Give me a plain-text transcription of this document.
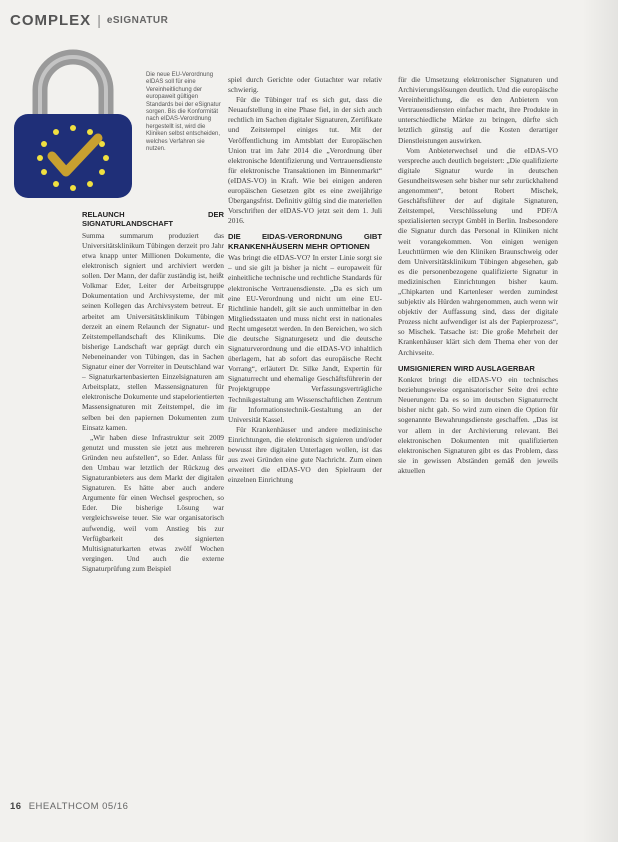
COMPLEX | eSIGNATUR

Die neue EU-Verordnung eIDAS soll für eine Vereinheitlichung der europaweit gültigen Standards bei der eSignatur sorgen. Bis die Konformität nach eIDAS-Verordnung hergestellt ist, wird die Kliniken selbst entscheiden, welches Verfahren sie nutzen.

RELAUNCH DER SIGNATURLANDSCHAFT

Summa summarum produziert das Universitätsklinikum Tübingen derzeit pro Jahr etwa knapp unter Millionen Dokumente, die elektronisch signiert und archiviert werden sollen. Der Mann, der dafür zuständig ist, heißt Volkmar Eder, Leiter der Arbeitsgruppe Dokumentation und Archivsysteme, der mit seinen Kollegen das Archivsystem betreut. Er arbeitet am Universitätsklinikum Tübingen derzeit an einem Relaunch der Signatur- und Zeitstempellandschaft des Klinikums. Die bisherige Landschaft war geprägt durch ein Nebeneinander von Tübingen, das in Sachen Signatur einer der Vorreiter in Deutschland war – Signaturkartenbasierten Einzelsignaturen am Arbeitsplatz, stellen Massensignaturen für elektronische Dokumente und stapelorientierten Massensignaturen mit Zeitstempel, die im selben bei den papiernen Dokumenten zum Einsatz kamen.

„Wir haben diese Infrastruktur seit 2009 genutzt und mussten sie jetzt aus mehreren Gründen neu aufstellen“, so Eder. Anlass für den Umbau war letztlich der Rückzug des Signaturanbieters aus dem Markt der digitalen Signaturen. Es hätte aber auch andere Argumente für einen Wechsel gesprochen, so Eder. Die bisherige Lösung war vergleichsweise teuer. Sie war organisatorisch aufwendig, weil vom Anstieg bis zur Verfügbarkeit des signierten Multisignaturkarten etwas zwölf Wochen vergingen. Und auch die externe Signaturprüfung zum Beispiel

spiel durch Gerichte oder Gutachter war relativ schwierig.

Für die Tübinger traf es sich gut, dass die Neuaufstellung in eine Phase fiel, in der sich auch rechtlich im Sachen digitaler Signaturen, Zertifikate und Zeitstempel einiges tut. Mit der Veröffentlichung im Amtsblatt der Europäischen Union trat im Jahr 2014 die „Verordnung über elektronische Identifizierung und Vertrauensdienste für elektronische Transaktionen im Binnenmarkt“ (eIDAS-VO) in Kraft. Wie bei einigen anderen europäischen Gesetzen gibt es eine zweijährige Übergangsfrist. Definitiv gültig sind die materiellen Vorschriften der eIDAS-VO jetzt seit dem 1. Juli 2016.

DIE EIDAS-VERORDNUNG GIBT KRANKENHÄUSERN MEHR OPTIONEN

Was bringt die eIDAS-VO? In erster Linie sorgt sie – und sie gilt ja bisher ja nicht – europaweit für einheitliche technische und rechtliche Standards für elektronische Vertrauensdienste. „Da es sich um eine EU-Verordnung und nicht um eine EU-Richtlinie handelt, gilt sie auch unmittelbar in den Mitgliedsstaaten und muss nicht erst in nationales Recht umgesetzt werden. In den Bereichen, wo sich die deutsche Signaturgesetz und die deutsche Signaturverordnung und die eIDAS-VO inhaltlich überlagern, hat ab sofort das europäische Recht Vorrang“, erläutert Dr. Silke Jandt, Expertin für Signaturrecht und ehemalige Geschäftsführerin der Projektgruppe Verfassungsverträgliche Technikgestaltung am Wissenschaftlichen Zentrum für Informationstechnik-Gestaltung an der Universität Kassel.

Für Krankenhäuser und andere medizinische Einrichtungen, die elektronisch signieren und/oder bewusst ihre digitalen Unterlagen wollen, ist das aus zwei Gründen eine gute Nachricht. Zum einen erweitert die eIDAS-VO den Spielraum der einzelnen Einrichtung

für die Umsetzung elektronischer Signaturen und Archivierungslösungen deutlich. Und die europäische Vereinheitlichung, die es den Anbietern von Vertrauensdiensten einfacher macht, ihre Produkte in unterschiedliche Märkte zu bringen, dürfte sich letztlich günstig auf die Kosten derartiger Dienstleistungen auswirken.

Vom Anbieterwechsel und die eIDAS-VO verspreche auch deutlich begeistert: „Die qualifizierte digitale Signatur wurde in deutschen Gesundheitswesen sehr bisher nur sehr zurückhaltend angenommen“, betont Robert Mischek, Geschäftsführer der auf digitale Signaturen, Zeitstempel, Verschlüsselung und PDF/A spezialisierten secrypt GmbH in Berlin. Insbesondere die Signatur durch das Personal in Kliniken nicht weit vorangekommen. Von einigen wenigen Leuchttürmen wie den Kliniken Braunschweig oder dem Universitätsklinikum Tübingen abgesehen, gab es die personenbezogene qualifizierte Signatur in medizinischen Einrichtungen bisher kaum. „Chipkarten und Kartenleser werden zumindest subjektiv als Hürden wahrgenommen, auch wenn wir objektiv der Auffassung sind, dass der digitale Prozess nicht aufwendiger ist als der Papierprozess“, so Mischek. Tatsache ist: Die große Mehrheit der Krankenhäuser klärt sich dem Thema eher von der Archivseite.

UMSIGNIEREN WIRD AUSLAGERBAR

Konkret bringt die eIDAS-VO ein technisches beziehungsweise organisatorischer Seite drei echte Neuerungen: Da es so im deutschen Signaturrecht bisher nicht gab. So wird zum einen die Option für sogenannte Bewahrungsdienste geschaffen. „Das ist vor allem in der Archivierung relevant. Bei elektronischen Dokumenten mit qualifizierten elektronischen Signaturen gibt es das Problem, dass sie in gewissen Abständen gemäß den jeweils aktuellen

16 EHEALTHCOM 05/16
